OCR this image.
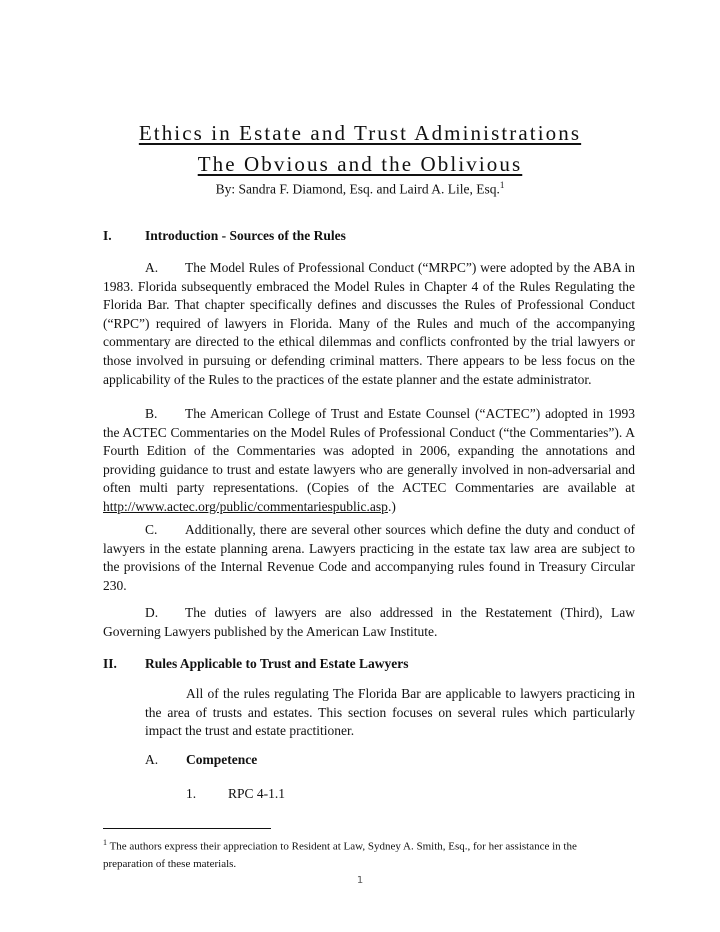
Ethics in Estate and Trust Administrations
The Obvious and the Oblivious
By: Sandra F. Diamond, Esq. and Laird A. Lile, Esq.$^1$
I. Introduction - Sources of the Rules
A. The Model Rules of Professional Conduct (“MRPC”) were adopted by the ABA in 1983. Florida subsequently embraced the Model Rules in Chapter 4 of the Rules Regulating the Florida Bar. That chapter specifically defines and discusses the Rules of Professional Conduct (“RPC”) required of lawyers in Florida. Many of the Rules and much of the accompanying commentary are directed to the ethical dilemmas and conflicts confronted by the trial lawyers or those involved in pursuing or defending criminal matters. There appears to be less focus on the applicability of the Rules to the practices of the estate planner and the estate administrator.
B. The American College of Trust and Estate Counsel (“ACTEC”) adopted in 1993 the ACTEC Commentaries on the Model Rules of Professional Conduct (“the Commentaries”). A Fourth Edition of the Commentaries was adopted in 2006, expanding the annotations and providing guidance to trust and estate lawyers who are generally involved in non-adversarial and often multi party representations. (Copies of the ACTEC Commentaries are available at http://www.actec.org/public/commentariespublic.asp.)
C. Additionally, there are several other sources which define the duty and conduct of lawyers in the estate planning arena. Lawyers practicing in the estate tax law area are subject to the provisions of the Internal Revenue Code and accompanying rules found in Treasury Circular 230.
D. The duties of lawyers are also addressed in the Restatement (Third), Law Governing Lawyers published by the American Law Institute.
II. Rules Applicable to Trust and Estate Lawyers
All of the rules regulating The Florida Bar are applicable to lawyers practicing in the area of trusts and estates. This section focuses on several rules which particularly impact the trust and estate practitioner.
A. Competence
1. RPC 4-1.1
$^1$ The authors express their appreciation to Resident at Law, Sydney A. Smith, Esq., for her assistance in the preparation of these materials.
1
